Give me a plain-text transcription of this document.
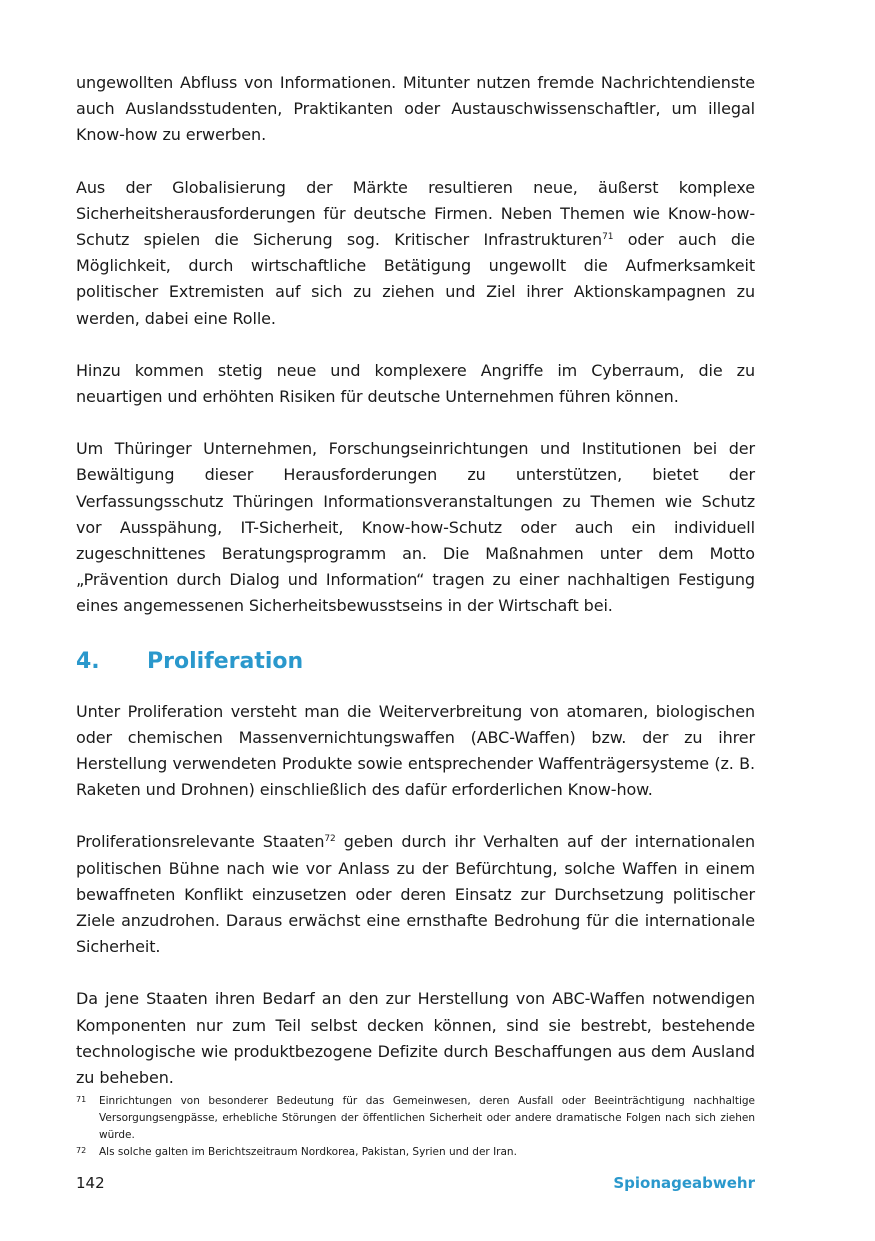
ungewollten Abfluss von Informationen. Mitunter nutzen fremde Nachrichtendienste auch Auslandsstudenten, Praktikanten oder Austauschwissenschaftler, um illegal Know-how zu erwerben.

Aus der Globalisierung der Märkte resultieren neue, äußerst komplexe Sicherheitsherausforderungen für deutsche Firmen. Neben Themen wie Know-how-Schutz spielen die Sicherung sog. Kritischer Infrastrukturen$^{71}$ oder auch die Möglichkeit, durch wirtschaftliche Betätigung ungewollt die Aufmerksamkeit politischer Extremisten auf sich zu ziehen und Ziel ihrer Aktionskampagnen zu werden, dabei eine Rolle.

Hinzu kommen stetig neue und komplexere Angriffe im Cyberraum, die zu neuartigen und erhöhten Risiken für deutsche Unternehmen führen können.

Um Thüringer Unternehmen, Forschungseinrichtungen und Institutionen bei der Bewältigung dieser Herausforderungen zu unterstützen, bietet der Verfassungsschutz Thüringen Informationsveranstaltungen zu Themen wie Schutz vor Ausspähung, IT-Sicherheit, Know-how-Schutz oder auch ein individuell zugeschnittenes Beratungsprogramm an. Die Maßnahmen unter dem Motto „Prävention durch Dialog und Information“ tragen zu einer nachhaltigen Festigung eines angemessenen Sicherheitsbewusstseins in der Wirtschaft bei.

4.	Proliferation

Unter Proliferation versteht man die Weiterverbreitung von atomaren, biologischen oder chemischen Massenvernichtungswaffen (ABC-Waffen) bzw. der zu ihrer Herstellung verwendeten Produkte sowie entsprechender Waffenträgersysteme (z. B. Raketen und Drohnen) einschließlich des dafür erforderlichen Know-how.

Proliferationsrelevante Staaten$^{72}$ geben durch ihr Verhalten auf der internationalen politischen Bühne nach wie vor Anlass zu der Befürchtung, solche Waffen in einem bewaffneten Konflikt einzusetzen oder deren Einsatz zur Durchsetzung politischer Ziele anzudrohen. Daraus erwächst eine ernsthafte Bedrohung für die internationale Sicherheit.

Da jene Staaten ihren Bedarf an den zur Herstellung von ABC-Waffen notwendigen Komponenten nur zum Teil selbst decken können, sind sie bestrebt, bestehende technologische wie produktbezogene Defizite durch Beschaffungen aus dem Ausland zu beheben.

71	Einrichtungen von besonderer Bedeutung für das Gemeinwesen, deren Ausfall oder Beeinträchtigung nachhaltige Versorgungsengpässe, erhebliche Störungen der öffentlichen Sicherheit oder andere dramatische Folgen nach sich ziehen würde.
72	Als solche galten im Berichtszeitraum Nordkorea, Pakistan, Syrien und der Iran.
142	Spionageabwehr
